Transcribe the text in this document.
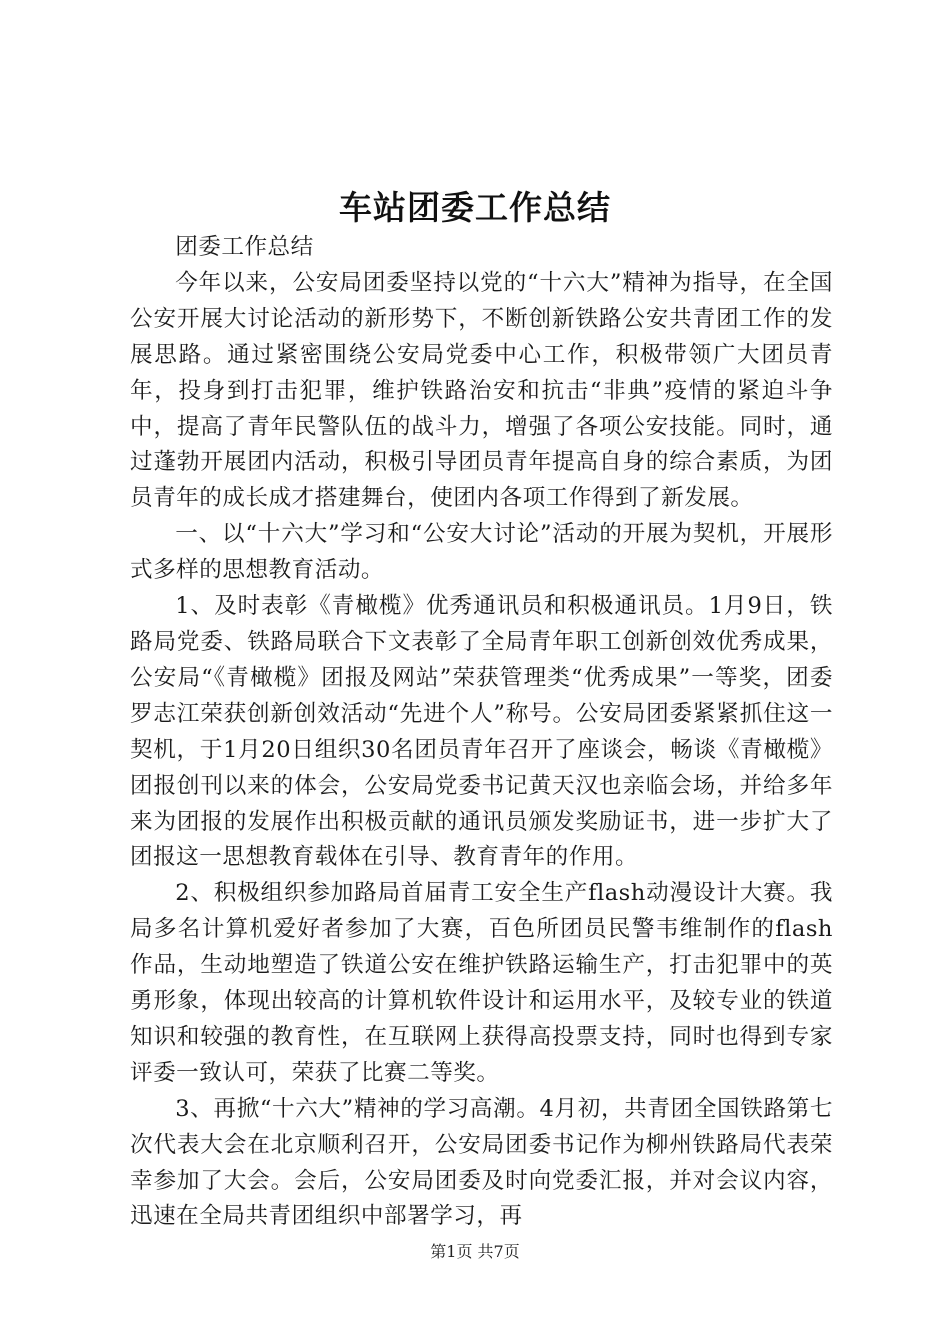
车站团委工作总结

团委工作总结

今年以来，公安局团委坚持以党的“十六大”精神为指导，在全国公安开展大讨论活动的新形势下，不断创新铁路公安共青团工作的发展思路。通过紧密围绕公安局党委中心工作，积极带领广大团员青年，投身到打击犯罪，维护铁路治安和抗击“非典”疫情的紧迫斗争中，提高了青年民警队伍的战斗力，增强了各项公安技能。同时，通过蓬勃开展团内活动，积极引导团员青年提高自身的综合素质，为团员青年的成长成才搭建舞台，使团内各项工作得到了新发展。

一、以“十六大”学习和“公安大讨论”活动的开展为契机，开展形式多样的思想教育活动。

1、及时表彰《青橄榄》优秀通讯员和积极通讯员。1月9日，铁路局党委、铁路局联合下文表彰了全局青年职工创新创效优秀成果，公安局“《青橄榄》团报及网站”荣获管理类“优秀成果”一等奖，团委罗志江荣获创新创效活动“先进个人”称号。公安局团委紧紧抓住这一契机，于1月20日组织30名团员青年召开了座谈会，畅谈《青橄榄》团报创刊以来的体会，公安局党委书记黄天汉也亲临会场，并给多年来为团报的发展作出积极贡献的通讯员颁发奖励证书，进一步扩大了团报这一思想教育载体在引导、教育青年的作用。

2、积极组织参加路局首届青工安全生产flash动漫设计大赛。我局多名计算机爱好者参加了大赛，百色所团员民警韦维制作的flash作品，生动地塑造了铁道公安在维护铁路运输生产，打击犯罪中的英勇形象，体现出较高的计算机软件设计和运用水平，及较专业的铁道知识和较强的教育性，在互联网上获得高投票支持，同时也得到专家评委一致认可，荣获了比赛二等奖。

3、再掀“十六大”精神的学习高潮。4月初，共青团全国铁路第七次代表大会在北京顺利召开，公安局团委书记作为柳州铁路局代表荣幸参加了大会。会后，公安局团委及时向党委汇报，并对会议内容，迅速在全局共青团组织中部署学习，再

第1页 共7页
